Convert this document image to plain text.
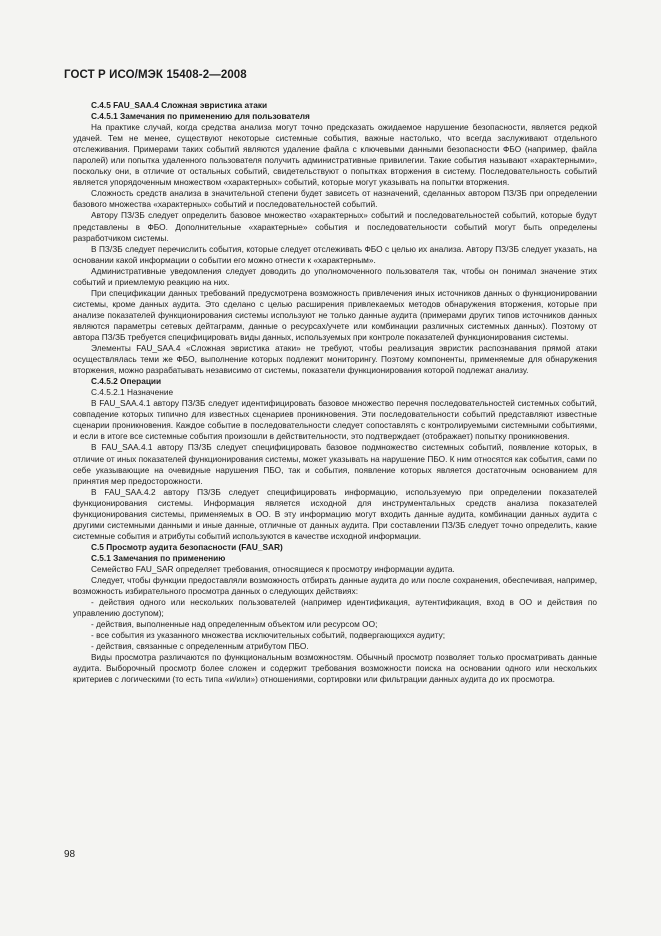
ГОСТ Р ИСО/МЭК 15408-2—2008

C.4.5 FAU_SAA.4 Сложная эвристика атаки

C.4.5.1 Замечания по применению для пользователя

На практике случай, когда средства анализа могут точно предсказать ожидаемое нарушение безопасности, является редкой удачей. Тем не менее, существуют некоторые системные события, важные настолько, что всегда заслуживают отдельного отслеживания. Примерами таких событий являются удаление файла с ключевыми данными безопасности ФБО (например, файла паролей) или попытка удаленного пользователя получить административные привилегии. Такие события называют «характерными», поскольку они, в отличие от остальных событий, свидетельствуют о попытках вторжения в систему. Последовательность событий является упорядоченным множеством «характерных» событий, которые могут указывать на попытки вторжения.

Сложность средств анализа в значительной степени будет зависеть от назначений, сделанных автором ПЗ/ЗБ при определении базового множества «характерных» событий и последовательностей событий.

Автору ПЗ/ЗБ следует определить базовое множество «характерных» событий и последовательностей событий, которые будут представлены в ФБО. Дополнительные «характерные» события и последовательности событий могут быть определены разработчиком системы.

В ПЗ/ЗБ следует перечислить события, которые следует отслеживать ФБО с целью их анализа. Автору ПЗ/ЗБ следует указать, на основании какой информации о событии его можно отнести к «характерным».

Административные уведомления следует доводить до уполномоченного пользователя так, чтобы он понимал значение этих событий и приемлемую реакцию на них.

При спецификации данных требований предусмотрена возможность привлечения иных источников данных о функционировании системы, кроме данных аудита. Это сделано с целью расширения привлекаемых методов обнаружения вторжения, которые при анализе показателей функционирования системы используют не только данные аудита (примерами других типов источников данных являются параметры сетевых дейтаграмм, данные о ресурсах/учете или комбинации различных системных данных). Поэтому от автора ПЗ/ЗБ требуется специфицировать виды данных, используемых при контроле показателей функционирования системы.

Элементы FAU_SAA.4 «Сложная эвристика атаки» не требуют, чтобы реализация эвристик распознавания прямой атаки осуществлялась теми же ФБО, выполнение которых подлежит мониторингу. Поэтому компоненты, применяемые для обнаружения вторжения, можно разрабатывать независимо от системы, показатели функционирования которой подлежат анализу.

C.4.5.2 Операции

C.4.5.2.1 Назначение

В FAU_SAA.4.1 автору ПЗ/ЗБ следует идентифицировать базовое множество перечня последовательностей системных событий, совпадение которых типично для известных сценариев проникновения. Эти последовательности событий представляют известные сценарии проникновения. Каждое событие в последовательности следует сопоставлять с контролируемыми системными событиями, и если в итоге все системные события произошли в действительности, это подтверждает (отображает) попытку проникновения.

В FAU_SAA.4.1 автору ПЗ/ЗБ следует специфицировать базовое подмножество системных событий, появление которых, в отличие от иных показателей функционирования системы, может указывать на нарушение ПБО. К ним относятся как события, сами по себе указывающие на очевидные нарушения ПБО, так и события, появление которых является достаточным основанием для принятия мер предосторожности.

В FAU_SAA.4.2 автору ПЗ/ЗБ следует специфицировать информацию, используемую при определении показателей функционирования системы. Информация является исходной для инструментальных средств анализа показателей функционирования системы, применяемых в ОО. В эту информацию могут входить данные аудита, комбинации данных аудита с другими системными данными и иные данные, отличные от данных аудита. При составлении ПЗ/ЗБ следует точно определить, какие системные события и атрибуты событий используются в качестве исходной информации.

C.5 Просмотр аудита безопасности (FAU_SAR)

C.5.1 Замечания по применению

Семейство FAU_SAR определяет требования, относящиеся к просмотру информации аудита.

Следует, чтобы функции предоставляли возможность отбирать данные аудита до или после сохранения, обеспечивая, например, возможность избирательного просмотра данных о следующих действиях:

- действия одного или нескольких пользователей (например идентификация, аутентификация, вход в ОО и действия по управлению доступом);

- действия, выполненные над определенным объектом или ресурсом ОО;

- все события из указанного множества исключительных событий, подвергающихся аудиту;

- действия, связанные с определенным атрибутом ПБО.

Виды просмотра различаются по функциональным возможностям. Обычный просмотр позволяет только просматривать данные аудита. Выборочный просмотр более сложен и содержит требования возможности поиска на основании одного или нескольких критериев с логическими (то есть типа «и/или») отношениями, сортировки или фильтрации данных аудита до их просмотра.

98
